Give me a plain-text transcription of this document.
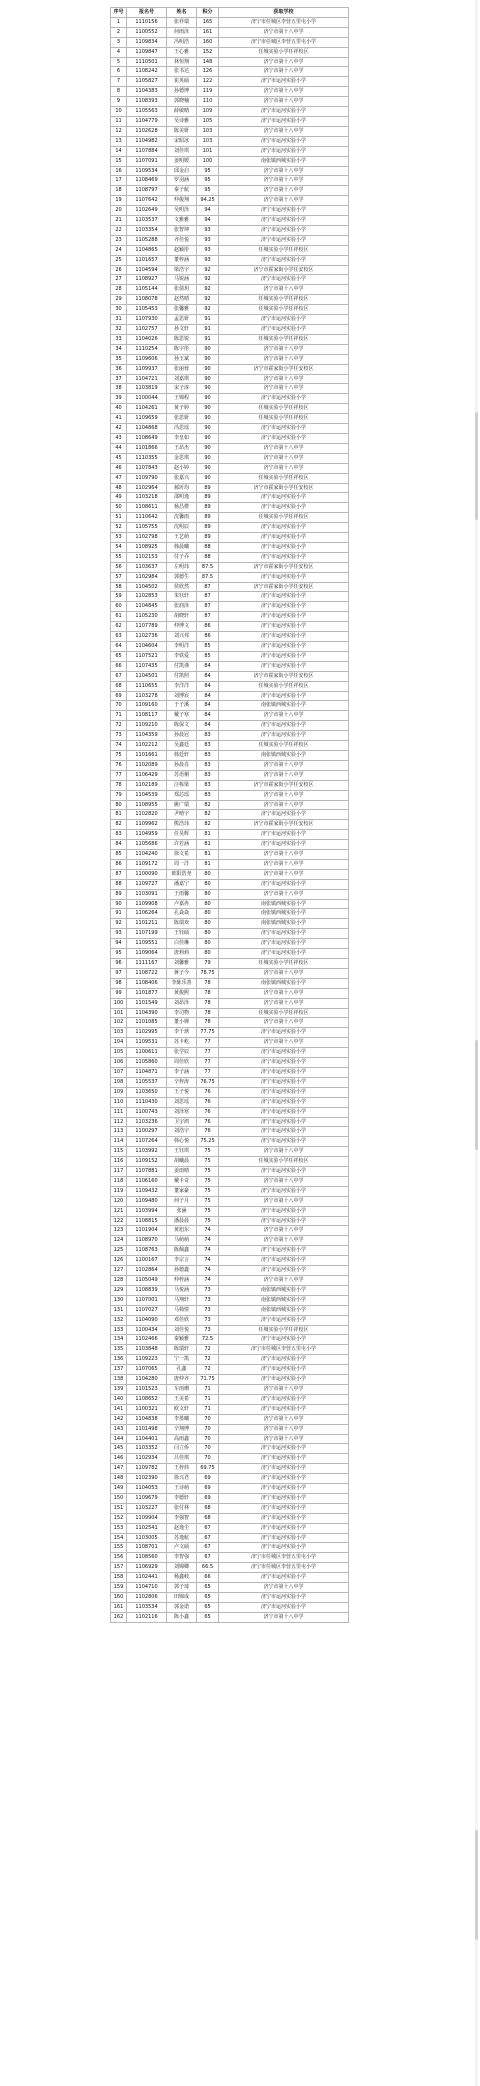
序号	报名号	姓名	积分	获取学校
1	1110156	张祥瑞	165	济宁市任城区李营五里屯小学
2	1100552	何雨泽	161	济宁市第十八中学
3	1109834	冯明浩	160	济宁市任城区李营五里屯小学
4	1109847	王心雅	152	任城实验小学任祥校区
5	1110501	林恒翔	148	济宁市第十八中学
6	1108242	张书达	126	济宁市第十八中学
7	1105827	崔英硕	122	济宁市运河实验小学
8	1104383	孙德博	119	济宁市第十八中学
9	1108393	郭晓楠	110	济宁市第十八中学
10	1105563	薛敏晴	109	济宁市运河实验小学
11	1104779	吴诗雅	105	济宁市运河实验小学
12	1102628	陈美妍	103	济宁市第十八中学
13	1104982	宋昭冰	103	济宁市运河实验小学
14	1107884	刘佳琪	101	济宁市运河实验小学
15	1107091	姜明媛	100	南张镇西城实验小学
16	1109534	邱金启	95	济宁市第十八中学
17	1108469	罗羽涵	95	济宁市第十八中学
18	1108797	秦子航	95	济宁市第十八中学
19	1107642	仲俊翔	94.25	济宁市第十八中学
20	1102649	吴明泽	94	济宁市运河实验小学
21	1103537	文雅雅	94	济宁市运河实验小学
22	1103354	张智坤	93	济宁市运河实验小学
23	1105288	齐佳悦	93	济宁市运河实验小学
24	1104865	赵颖彤	93	任城实验小学任祥校区
25	1101657	董梓涵	93	济宁市运河实验小学
26	1104594	梁浩宇	92	济宁市霍家街小学任安校区
27	1108927	马锐涵	92	济宁市运河实验小学
28	1105144	张倩玥	92	济宁市第十八中学
29	1108078	赵然晴	92	任城实验小学任祥校区
30	1105453	张馨雅	92	任城实验小学任祥校区
31	1107930	孟思妍	91	济宁市运河实验小学
32	1102757	孙文轩	91	济宁市运河实验小学
33	1104026	陈思锐	91	任城实验小学任祥校区
34	1110254	陈宇彤	90	济宁市第十八中学
35	1109606	孙玉斌	90	济宁市第十八中学
36	1109937	张丽蓉	90	济宁市霍家街小学任安校区
37	1104721	刘嘉琪	90	济宁市第十八中学
38	1103819	宋子淳	90	济宁市第十八中学
39	1100044	王锦程	90	济宁市运河实验小学
40	1104261	黄子婷	90	任城实验小学任祥校区
41	1109659	张思妍	90	任城实验小学任祥校区
42	1104868	冯思瑶	90	济宁市运河实验小学
43	1108649	李皇如	90	济宁市运河实验小学
44	1101866	王昂杰	90	济宁市第十八中学
45	1110355	金思琪	90	济宁市第十八中学
46	1107843	赵小婷	90	济宁市第十八中学
47	1109790	张嘉兴	90	任城实验小学任祥校区
48	1102964	郝圻均	89	济宁市霍家街小学任安校区
49	1103218	邵明逸	89	济宁市运河实验小学
50	1108611	杨昌橙	89	济宁市运河实验小学
51	1110642	沈馨雨	89	任城实验小学任祥校区
52	1105755	沈明辰	89	济宁市运河实验小学
53	1102798	王艺萌	89	济宁市运河实验小学
54	1108925	韩晨曦	88	济宁市运河实验小学
55	1102153	付子乔	88	济宁市运河实验小学
56	1103637	左明玮	87.5	济宁市霍家街小学任安校区
57	1102984	郭德生	87.5	济宁市运河实验小学
58	1104502	侯欣然	87	济宁市霍家街小学任安校区
59	1102853	朱钰轩	87	济宁市运河实验小学
60	1104845	张润泽	87	济宁市运河实验小学
61	1105230	胡晓轩	87	济宁市运河实验小学
62	1107789	仲博文	86	济宁市运河实验小学
63	1102736	刘兴邦	86	济宁市运河实验小学
64	1104604	李明洋	85	济宁市运河实验小学
65	1107521	李铁爱	85	济宁市运河实验小学
66	1107435	付凯谨	84	济宁市运河实验小学
67	1104501	付凯照	84	济宁市霍家街小学任安校区
68	1110655	李洋洋	84	任城实验小学任祥校区
69	1103278	刘博宸	84	济宁市运河实验小学
70	1109160	于子溪	84	南张镇西城实验小学
71	1108117	戴子寒	84	济宁市第十八中学
72	1109210	陈保文	84	济宁市运河实验小学
73	1104359	孙晨冠	83	济宁市运河实验小学
74	1102212	吴鑫廷	83	任城实验小学任祥校区
75	1101661	韩廷轩	83	南张镇西城实验小学
76	1102089	孙晨肖	83	济宁市第十八中学
77	1106429	苏语桐	83	济宁市第十八中学
78	1102189	汪栋梁	83	济宁市霍家街小学任安校区
79	1104539	郑芯瑶	83	济宁市第十八中学
80	1108955	姚广瑞	82	济宁市第十八中学
81	1102820	尹晴宇	82	济宁市运河实验小学
82	1109962	熊浩玮	82	济宁市霍家街小学任安校区
83	1104959	任昊辉	81	济宁市运河实验小学
84	1105686	许若涵	81	济宁市运河实验小学
85	1104240	徐文希	81	济宁市第十八中学
86	1109172	周一洋	81	济宁市第十八中学
87	1100090	欧阳浩尧	80	济宁市第十八中学
88	1109727	潘嘉宁	80	济宁市运河实验小学
89	1103091	王雨馨	80	济宁市第十八中学
90	1109908	卢嘉冉	80	南张镇西城实验小学
91	1106264	孔焱焱	80	南张镇西城实验小学
92	1101211	陈瑞欢	80	南张镇西城实验小学
93	1107199	王钰硕	80	济宁市运河实验小学
94	1109551	白佳琳	80	济宁市运河实验小学
95	1109064	唐莉莉	80	济宁市运河实验小学
96	1111167	刘馨雅	79	任城实验小学任祥校区
97	1108722	蒋子今	78.75	济宁市第十八中学
98	1108406	李陈乐善	78	南张镇西城实验小学
99	1101877	黄俊熙	78	济宁市第十八中学
100	1101549	刘昂泽	78	济宁市第十八中学
101	1104390	李司物	78	任城实验小学任祥校区
102	1101085	董小婵	78	济宁市第十八中学
103	1102995	李千琇	77.75	济宁市运河实验小学
104	1109531	苏卡屹	77	济宁市第十八中学
105	1100611	张学辰	77	济宁市运河实验小学
106	1105860	周佳欣	77	济宁市运河实验小学
107	1104871	李子涵	77	济宁市运河实验小学
108	1105537	辛梓涛	76.75	济宁市运河实验小学
109	1103650	王子悦	76	济宁市运河实验小学
110	1110430	刘思瑶	76	济宁市运河实验小学
111	1100743	刘泽寒	76	济宁市运河实验小学
112	1103236	卫宇鸿	76	济宁市运河实验小学
113	1100297	刘浩宇	76	济宁市运河实验小学
114	1107264	韩心悦	75.25	济宁市运河实验小学
115	1103992	王钰琪	75	济宁市第十八中学
116	1109152	胡曦晨	75	任城实验小学任祥校区
117	1107881	姜雨晴	75	济宁市运河实验小学
118	1106160	戴卡奇	75	济宁市第十八中学
119	1109432	董家豪	75	济宁市运河实验小学
120	1109480	何子月	75	济宁市第十八中学
121	1103994	张涵	75	济宁市运河实验小学
122	1108815	潘晨晨	75	济宁市运河实验小学
123	1101904	黄旭东	74	济宁市第十八中学
124	1108970	马萌萌	74	济宁市第十八中学
125	1108763	陈佩鑫	74	济宁市运河实验小学
126	1100167	李宗言	74	济宁市运河实验小学
127	1102864	孙德鑫	74	济宁市运河实验小学
128	1105049	仲梓涵	74	济宁市第十八中学
129	1108839	马悦涵	73	南张镇西城实验小学
130	1107001	马翔轩	73	南张镇西城实验小学
131	1107027	马椅愷	73	南张镇西城实验小学
132	1104090	邓佳欣	73	济宁市运河实验小学
133	1100434	刘佳悦	73	任城实验小学任祥校区
134	1102466	秦颖雅	72.5	济宁市运河实验小学
135	1103848	陈瑞轩	72	济宁市任城区李营五里屯小学
136	1109223	宁一凯	72	济宁市运河实验小学
137	1107065	孔鑫	72	济宁市运河实验小学
138	1104280	唐仲齐	71.75	济宁市运河实验小学
139	1101523	车雨珊	71	济宁市第十八中学
140	1108652	王美希	71	济宁市运河实验小学
141	1100321	欧文轩	71	济宁市运河实验小学
142	1104838	李墨曦	70	济宁市第十八中学
143	1101498	辛翔博	70	济宁市第十八中学
144	1104401	高雨鑫	70	济宁市第十八中学
145	1103352	闫立侨	70	济宁市运河实验小学
146	1102934	吕佳琪	70	济宁市运河实验小学
147	1109782	王梓炜	69.75	济宁市运河实验小学
148	1102390	徐兴君	69	济宁市运河实验小学
149	1104053	王诗萌	69	济宁市运河实验小学
150	1109679	李德轩	69	济宁市运河实验小学
151	1103227	张付林	68	济宁市运河实验小学
152	1109904	李强智	68	济宁市运河实验小学
153	1102541	赵逸尘	67	济宁市运河实验小学
154	1103005	苏逸航	67	济宁市运河实验小学
155	1108701	卢文硕	67	济宁市运河实验小学
156	1108560	李智强	67	济宁市任城区李营五里屯小学
157	1106929	刘锦卿	66.5	济宁市任城区李营五里屯小学
158	1102441	杨鑫岐	66	济宁市运河实验小学
159	1104710	郭子琦	65	济宁市第十八中学
160	1102806	田锦成	65	济宁市运河实验小学
161	1103534	郭金诺	65	济宁市运河实验小学
162	1102116	陈小鑫	65	济宁市第十八中学
